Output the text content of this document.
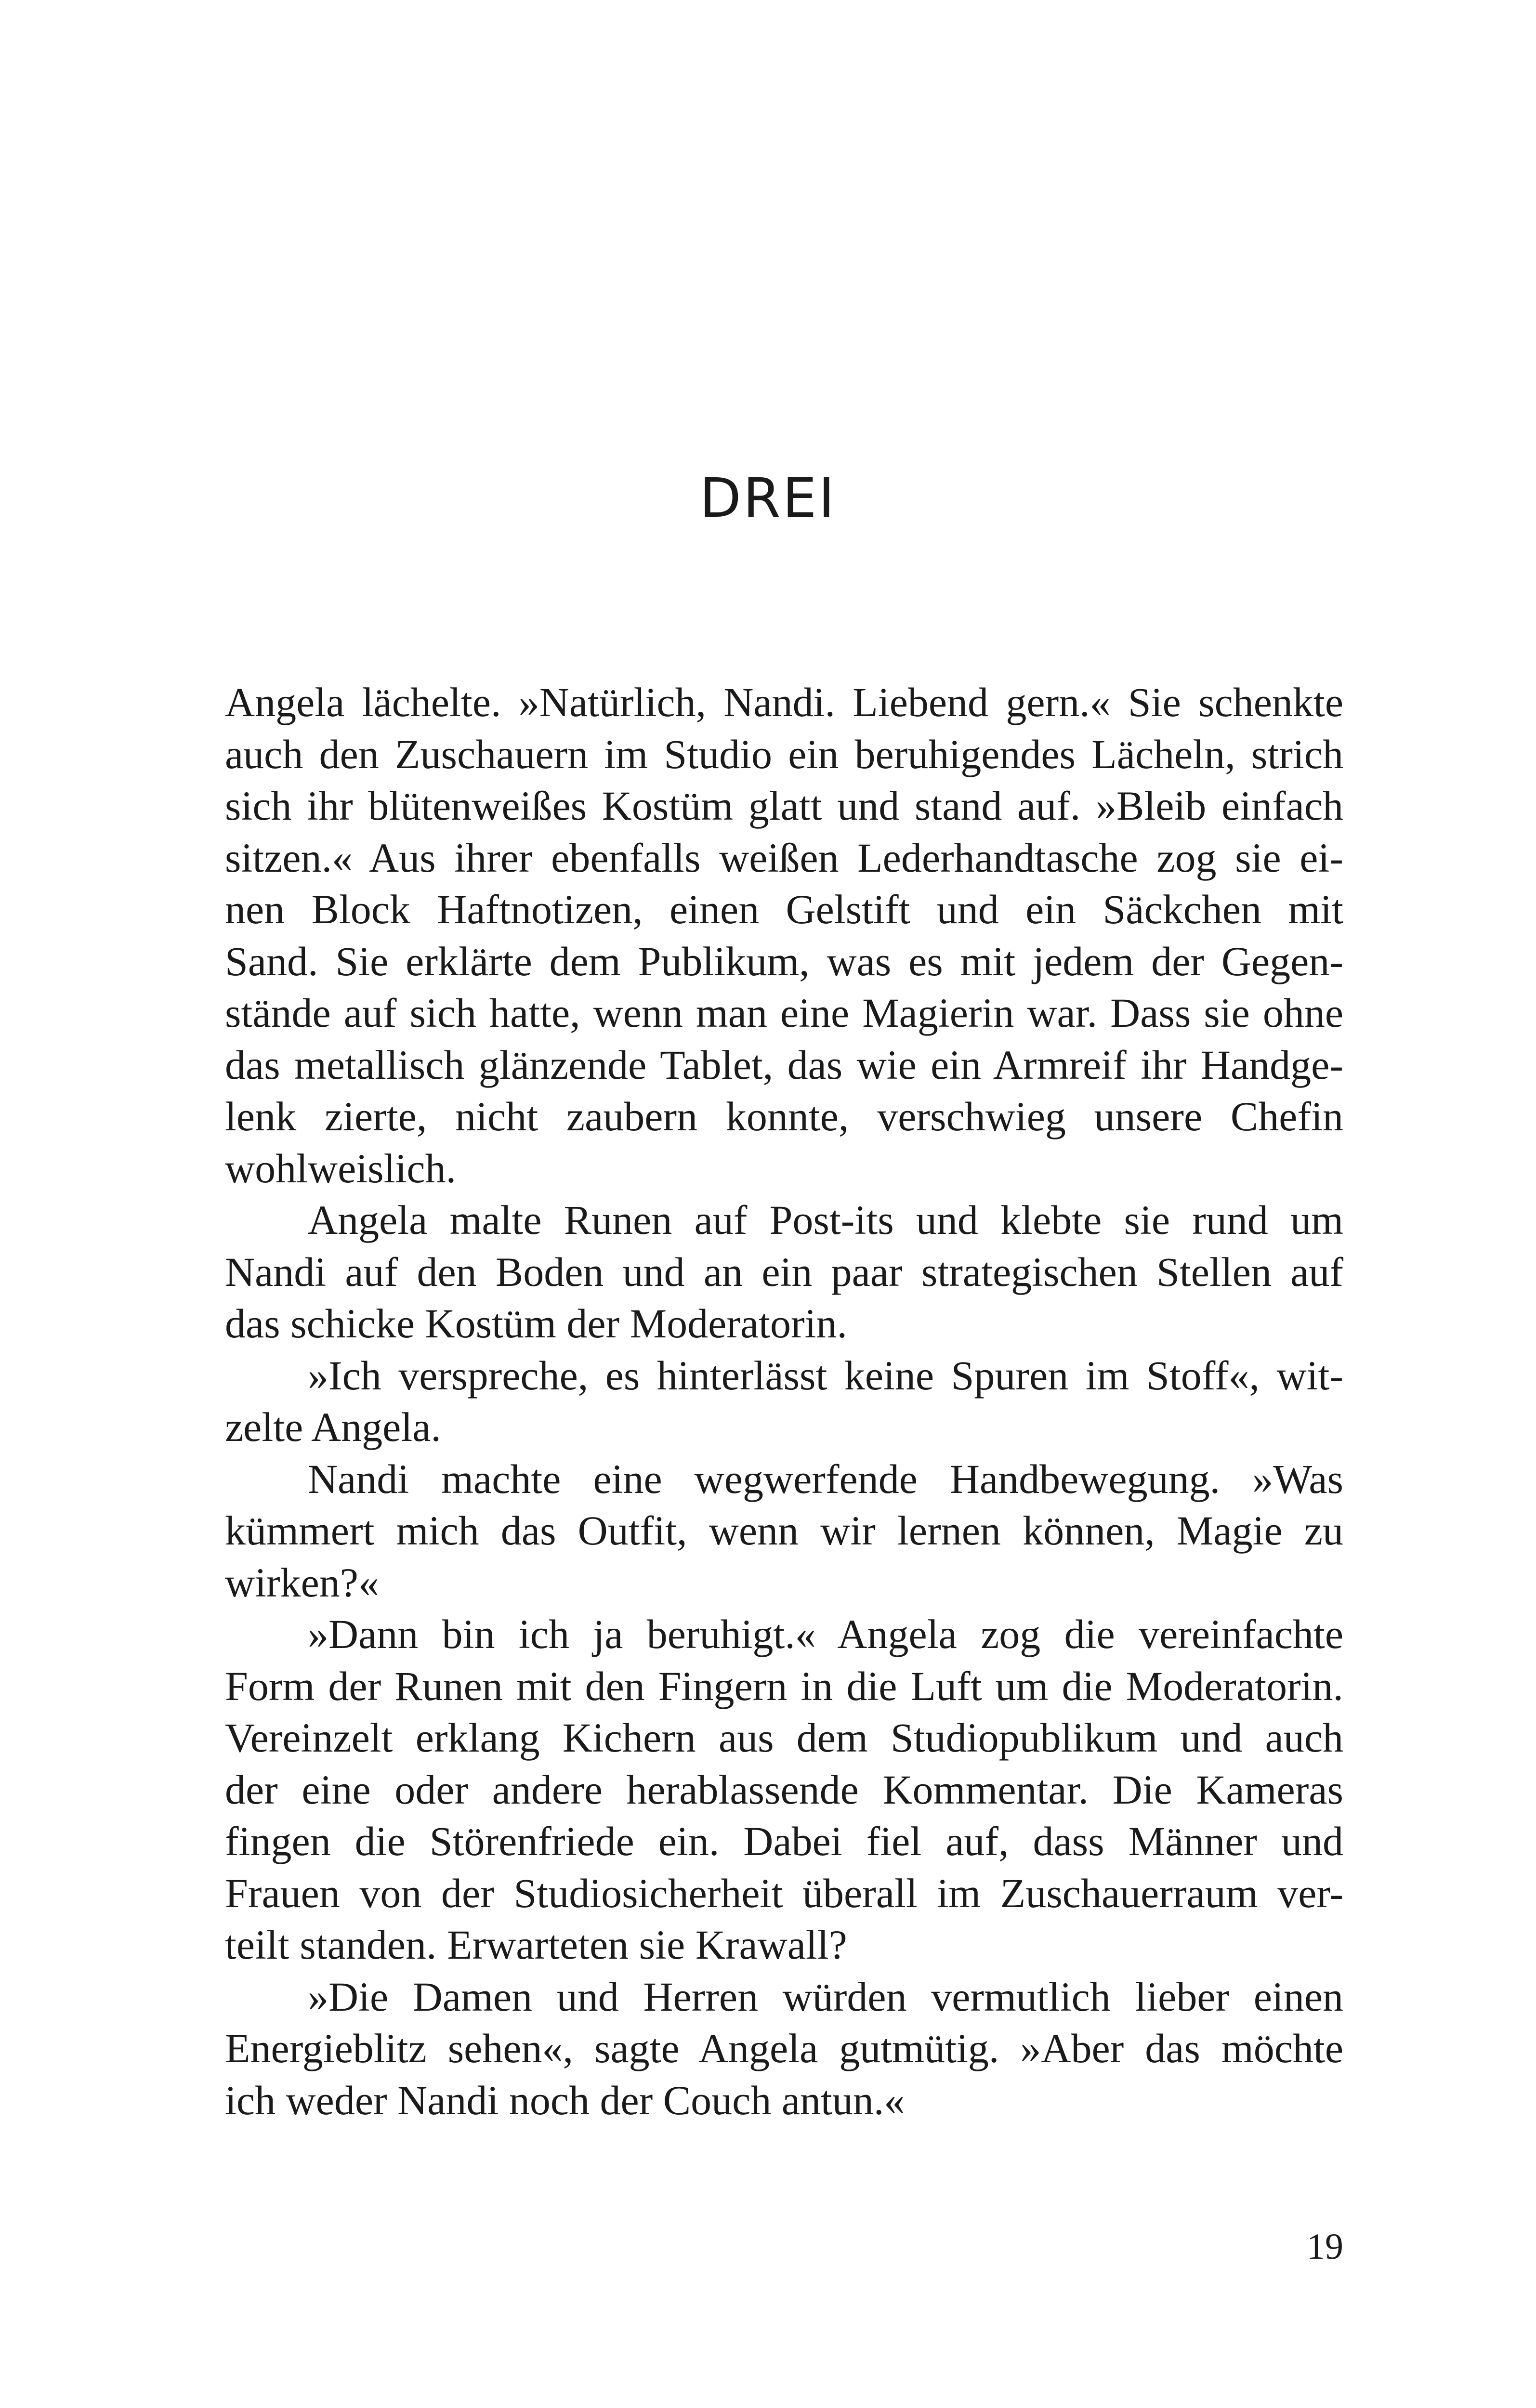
DREI

Angela lächelte. »Natürlich, Nandi. Liebend gern.« Sie schenkte
auch den Zuschauern im Studio ein beruhigendes Lächeln, strich
sich ihr blütenweißes Kostüm glatt und stand auf. »Bleib einfach
sitzen.« Aus ihrer ebenfalls weißen Lederhandtasche zog sie ei-
nen Block Haftnotizen, einen Gelstift und ein Säckchen mit
Sand. Sie erklärte dem Publikum, was es mit jedem der Gegen-
stände auf sich hatte, wenn man eine Magierin war. Dass sie ohne
das metallisch glänzende Tablet, das wie ein Armreif ihr Handge-
lenk zierte, nicht zaubern konnte, verschwieg unsere Chefin
wohlweislich.

Angela malte Runen auf Post-its und klebte sie rund um
Nandi auf den Boden und an ein paar strategischen Stellen auf
das schicke Kostüm der Moderatorin.

»Ich verspreche, es hinterlässt keine Spuren im Stoff«, wit-
zelte Angela.

Nandi machte eine wegwerfende Handbewegung. »Was
kümmert mich das Outfit, wenn wir lernen können, Magie zu
wirken?«

»Dann bin ich ja beruhigt.« Angela zog die vereinfachte
Form der Runen mit den Fingern in die Luft um die Moderatorin.
Vereinzelt erklang Kichern aus dem Studiopublikum und auch
der eine oder andere herablassende Kommentar. Die Kameras
fingen die Störenfriede ein. Dabei fiel auf, dass Männer und
Frauen von der Studiosicherheit überall im Zuschauerraum ver-
teilt standen. Erwarteten sie Krawall?

»Die Damen und Herren würden vermutlich lieber einen
Energieblitz sehen«, sagte Angela gutmütig. »Aber das möchte
ich weder Nandi noch der Couch antun.«

19
